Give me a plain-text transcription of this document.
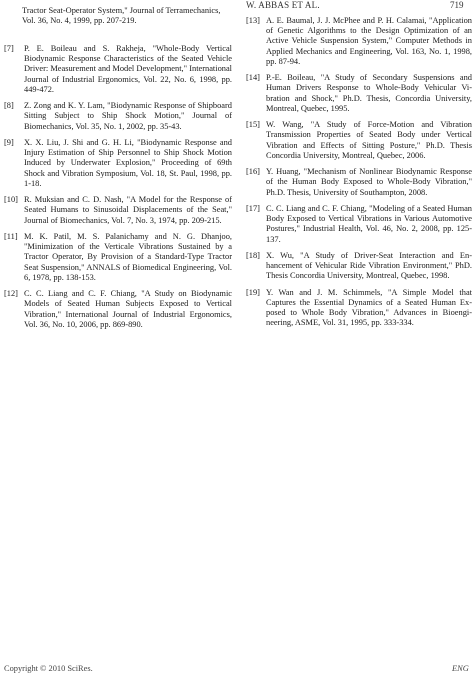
W. ABBAS ET AL.	719
Tractor Seat-Operator System," Journal of Terramechanics, Vol. 36, No. 4, 1999, pp. 207-219.
[7]	P. E. Boileau and S. Rakheja, "Whole-Body Vertical Biodynamic Response Characteristics of the Seated Vehicle Driver: Measurement and Model Development," International Journal of Industrial Ergonomics, Vol. 22, No. 6, 1998, pp. 449-472.
[8]	Z. Zong and K. Y. Lam, "Biodynamic Response of Shipboard Sitting Subject to Ship Shock Motion," Journal of Biomechanics, Vol. 35, No. 1, 2002, pp. 35-43.
[9]	X. X. Liu, J. Shi and G. H. Li, "Biodynamic Response and Injury Estimation of Ship Personnel to Ship Shock Motion Induced by Underwater Explosion," Proceeding of 69th Shock and Vibration Symposium, Vol. 18, St. Paul, 1998, pp. 1-18.
[10] R. Muksian and C. D. Nash, "A Model for the Response of Seated Humans to Sinusoidal Displacements of the Seat," Journal of Biomechanics, Vol. 7, No. 3, 1974, pp. 209-215.
[11] M. K. Patil, M. S. Palanichamy and N. G. Dhanjoo, "Minimization of the Verticale Vibrations Sustained by a Tractor Operator, By Provision of a Standard-Type Tractor Seat Suspension," ANNALS of Biomedical Engineering, Vol. 6, 1978, pp. 138-153.
[12] C. C. Liang and C. F. Chiang, "A Study on Biodynamic Models of Seated Human Subjects Exposed to Vertical Vibration," International Journal of Industrial Ergonomics, Vol. 36, No. 10, 2006, pp. 869-890.
[13] A. E. Baumal, J. J. McPhee and P. H. Calamai, "Application of Genetic Algorithms to the Design Optimization of an Active Vehicle Suspension System," Computer Methods in Applied Mechanics and Engineering, Vol. 163, No. 1, 1998, pp. 87-94.
[14] P.-E. Boileau, "A Study of Secondary Suspensions and Human Drivers Response to Whole-Body Vehicular Vibration and Shock," Ph.D. Thesis, Concordia University, Montreal, Quebec, 1995.
[15] W. Wang, "A Study of Force-Motion and Vibration Transmission Properties of Seated Body under Vertical Vibration and Effects of Sitting Posture," Ph.D. Thesis Concordia University, Montreal, Quebec, 2006.
[16] Y. Huang, "Mechanism of Nonlinear Biodynamic Response of the Human Body Exposed to Whole-Body Vibration," Ph.D. Thesis, University of Southampton, 2008.
[17] C. C. Liang and C. F. Chiang, "Modeling of a Seated Human Body Exposed to Vertical Vibrations in Various Automotive Postures," Industrial Health, Vol. 46, No. 2, 2008, pp. 125-137.
[18] X. Wu, "A Study of Driver-Seat Interaction and Enhancement of Vehicular Ride Vibration Environment," PhD. Thesis Concordia University, Montreal, Quebec, 1998.
[19] Y. Wan and J. M. Schimmels, "A Simple Model that Captures the Essential Dynamics of a Seated Human Exposed to Whole Body Vibration," Advances in Bioengineering, ASME, Vol. 31, 1995, pp. 333-334.
Copyright © 2010 SciRes.	ENG
